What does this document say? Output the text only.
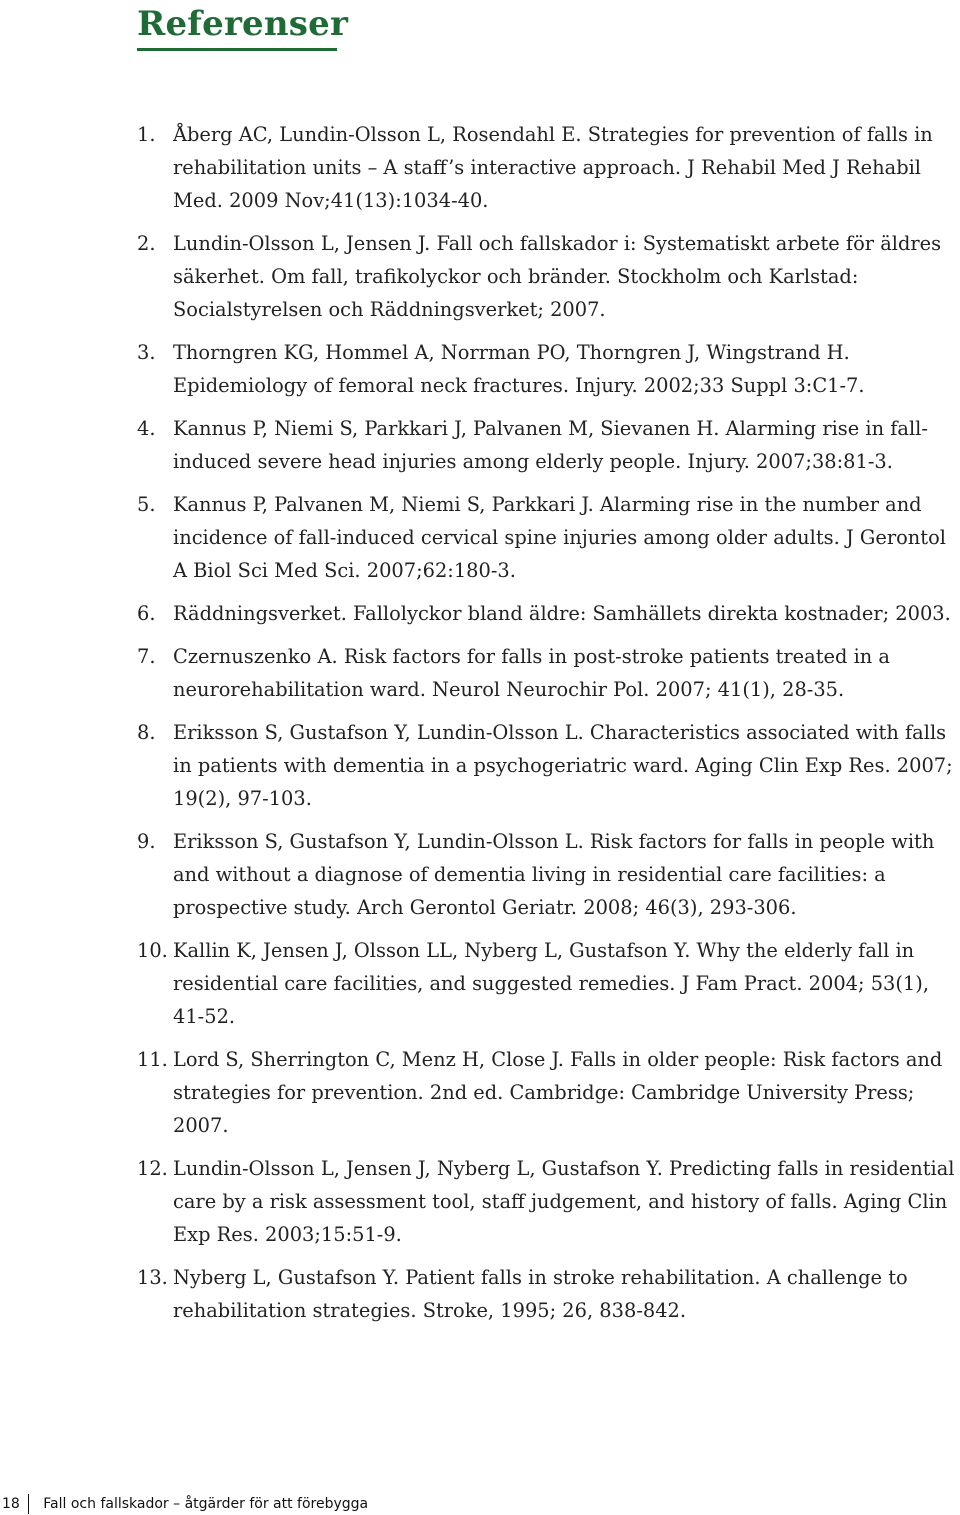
Referenser
1. Åberg AC, Lundin-Olsson L, Rosendahl E. Strategies for prevention of falls in rehabilitation units – A staff’s interactive approach. J Rehabil Med J Rehabil Med. 2009 Nov;41(13):1034-40.
2. Lundin-Olsson L, Jensen J. Fall och fallskador i: Systematiskt arbete för äldres säkerhet. Om fall, trafikolyckor och bränder. Stockholm och Karlstad: Socialstyrelsen och Räddningsverket; 2007.
3. Thorngren KG, Hommel A, Norrman PO, Thorngren J, Wingstrand H. Epidemiology of femoral neck fractures. Injury. 2002;33 Suppl 3:C1-7.
4. Kannus P, Niemi S, Parkkari J, Palvanen M, Sievanen H. Alarming rise in fall-induced severe head injuries among elderly people. Injury. 2007;38:81-3.
5. Kannus P, Palvanen M, Niemi S, Parkkari J. Alarming rise in the number and incidence of fall-induced cervical spine injuries among older adults. J Gerontol A Biol Sci Med Sci. 2007;62:180-3.
6. Räddningsverket. Fallolyckor bland äldre: Samhällets direkta kostnader; 2003.
7. Czernuszenko A. Risk factors for falls in post-stroke patients treated in a neurorehabilitation ward. Neurol Neurochir Pol. 2007; 41(1), 28-35.
8. Eriksson S, Gustafson Y, Lundin-Olsson L. Characteristics associated with falls in patients with dementia in a psychogeriatric ward. Aging Clin Exp Res. 2007; 19(2), 97-103.
9. Eriksson S, Gustafson Y, Lundin-Olsson L. Risk factors for falls in people with and without a diagnose of dementia living in residential care facilities: a prospective study. Arch Gerontol Geriatr. 2008; 46(3), 293-306.
10. Kallin K, Jensen J, Olsson LL, Nyberg L, Gustafson Y. Why the elderly fall in residential care facilities, and suggested remedies. J Fam Pract. 2004; 53(1), 41-52.
11. Lord S, Sherrington C, Menz H, Close J. Falls in older people: Risk factors and strategies for prevention. 2nd ed. Cambridge: Cambridge University Press; 2007.
12. Lundin-Olsson L, Jensen J, Nyberg L, Gustafson Y. Predicting falls in residential care by a risk assessment tool, staff judgement, and history of falls. Aging Clin Exp Res. 2003;15:51-9.
13. Nyberg L, Gustafson Y. Patient falls in stroke rehabilitation. A challenge to rehabilitation strategies. Stroke, 1995; 26, 838-842.
18 Fall och fallskador – åtgärder för att förebygga
